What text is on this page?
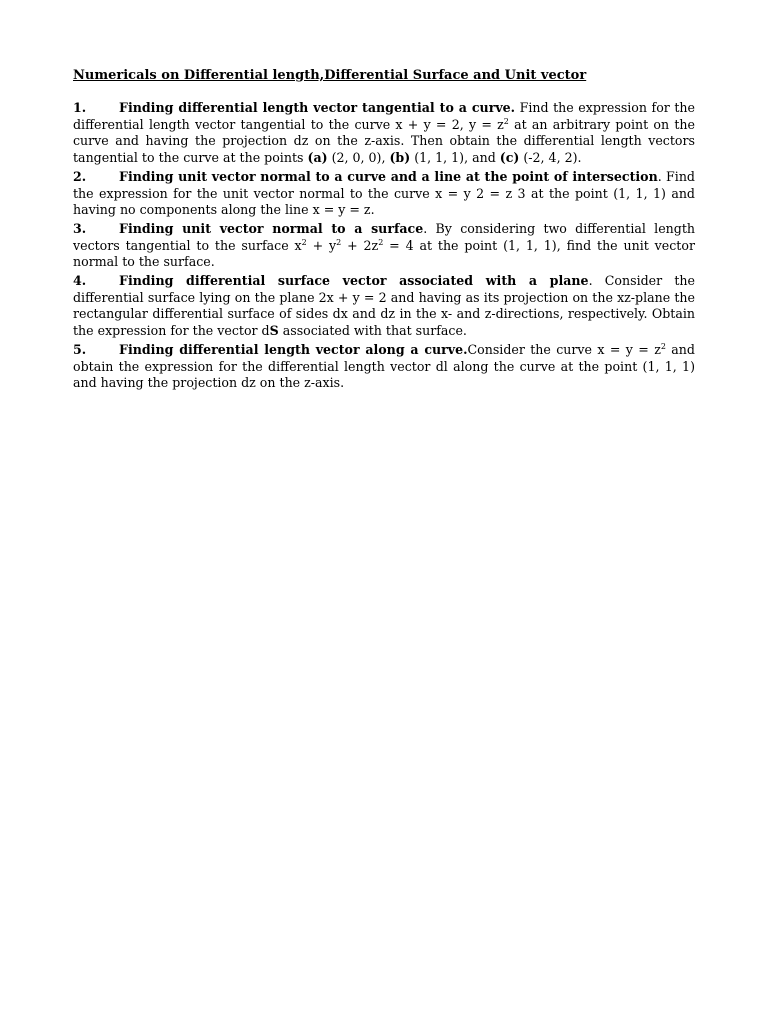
Numericals on Differential length,Differential Surface and Unit vector
1.	Finding differential length vector tangential to a curve. Find the expression for the differential length vector tangential to the curve x + y = 2, $y = z^2$ at an arbitrary point on the curve and having the projection dz on the z-axis. Then obtain the differential length vectors tangential to the curve at the points (a) (2, 0, 0), (b) (1, 1, 1), and (c) (-2, 4, 2).
2.	Finding unit vector normal to a curve and a line at the point of intersection. Find the expression for the unit vector normal to the curve x = y 2 = z 3 at the point (1, 1, 1) and having no components along the line x = y = z.
3.	Finding unit vector normal to a surface. By considering two differential length vectors tangential to the surface $x^2 + y^2 + 2z^2 = 4$ at the point (1, 1, 1), find the unit vector normal to the surface.
4.	Finding differential surface vector associated with a plane. Consider the differential surface lying on the plane 2x + y = 2 and having as its projection on the xz-plane the rectangular differential surface of sides dx and dz in the x- and z-directions, respectively. Obtain the expression for the vector dS associated with that surface.
5.	Finding differential length vector along a curve.Consider the curve $x = y = z^2$ and obtain the expression for the differential length vector dl along the curve at the point (1, 1, 1) and having the projection dz on the z-axis.
